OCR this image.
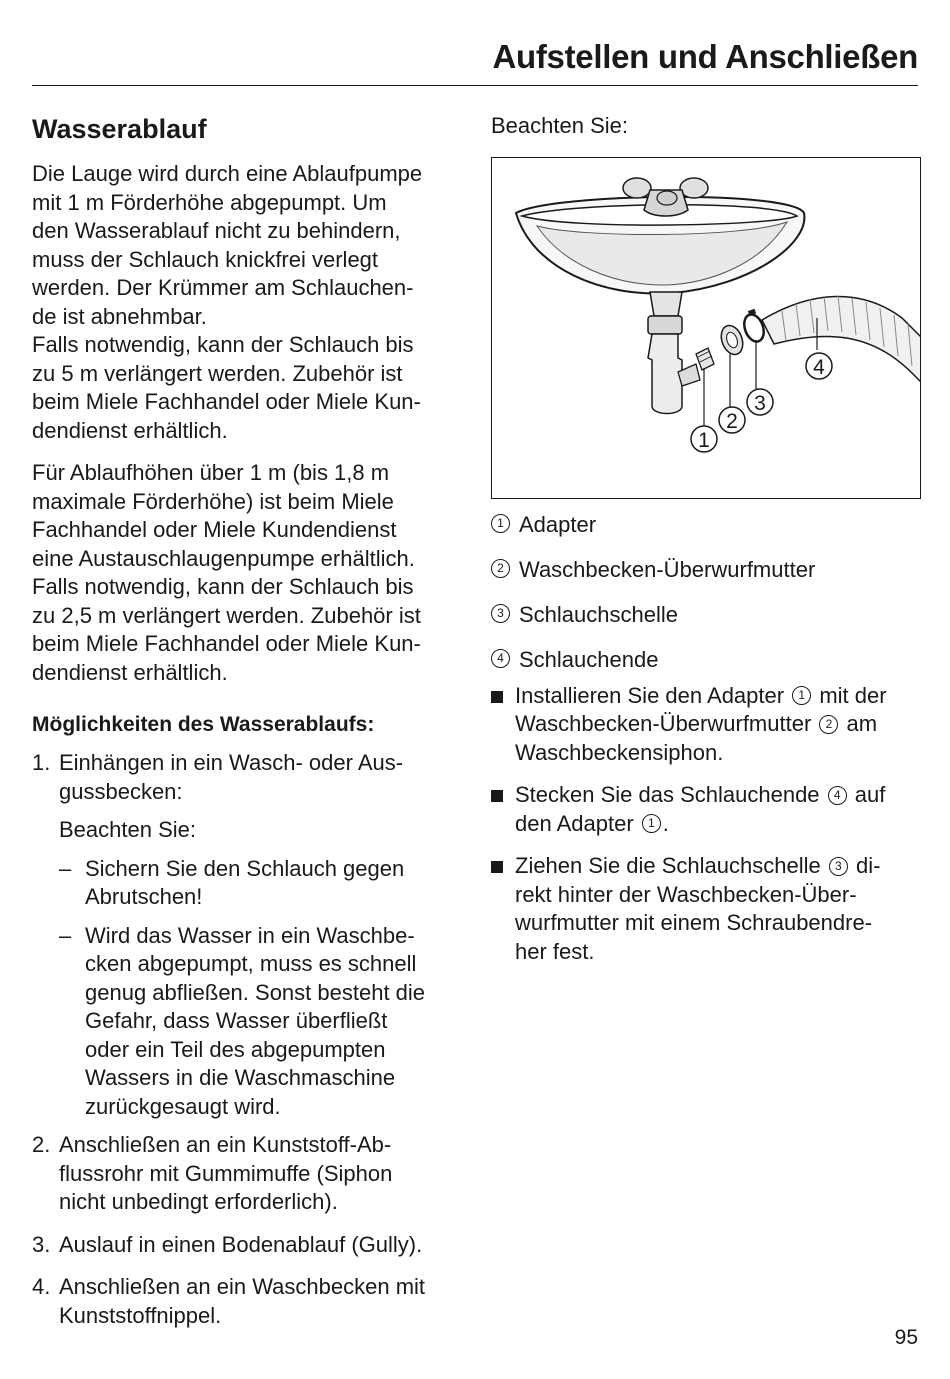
Aufstellen und Anschließen
Wasserablauf
Die Lauge wird durch eine Ablaufpumpe
mit 1 m Förderhöhe abgepumpt. Um
den Wasserablauf nicht zu behindern,
muss der Schlauch knickfrei verlegt
werden. Der Krümmer am Schlauchen-
de ist abnehmbar.
Falls notwendig, kann der Schlauch bis
zu 5 m verlängert werden. Zubehör ist
beim Miele Fachhandel oder Miele Kun-
dendienst erhältlich.
Für Ablaufhöhen über 1 m (bis 1,8 m
maximale Förderhöhe) ist beim Miele
Fachhandel oder Miele Kundendienst
eine Austauschlaugenpumpe erhältlich.
Falls notwendig, kann der Schlauch bis
zu 2,5 m verlängert werden. Zubehör ist
beim Miele Fachhandel oder Miele Kun-
dendienst erhältlich.
Möglichkeiten des Wasserablaufs:
1. Einhängen in ein Wasch- oder Aus-
gussbecken:
Beachten Sie:
– Sichern Sie den Schlauch gegen
Abrutschen!
– Wird das Wasser in ein Waschbe-
cken abgepumpt, muss es schnell
genug abfließen. Sonst besteht die
Gefahr, dass Wasser überfließt
oder ein Teil des abgepumpten
Wassers in die Waschmaschine
zurückgesaugt wird.
2. Anschließen an ein Kunststoff-Ab-
flussrohr mit Gummimuffe (Siphon
nicht unbedingt erforderlich).
3. Auslauf in einen Bodenablauf (Gully).
4. Anschließen an ein Waschbecken mit
Kunststoffnippel.
Beachten Sie:
1
2
3
4
1 Adapter
2 Waschbecken-Überwurfmutter
3 Schlauchschelle
4 Schlauchende
Installieren Sie den Adapter 1 mit der
Waschbecken-Überwurfmutter 2 am
Waschbeckensiphon.
Stecken Sie das Schlauchende 4 auf
den Adapter 1 .
Ziehen Sie die Schlauchschelle 3 di-
rekt hinter der Waschbecken-Über-
wurfmutter mit einem Schraubendre-
her fest.
95
